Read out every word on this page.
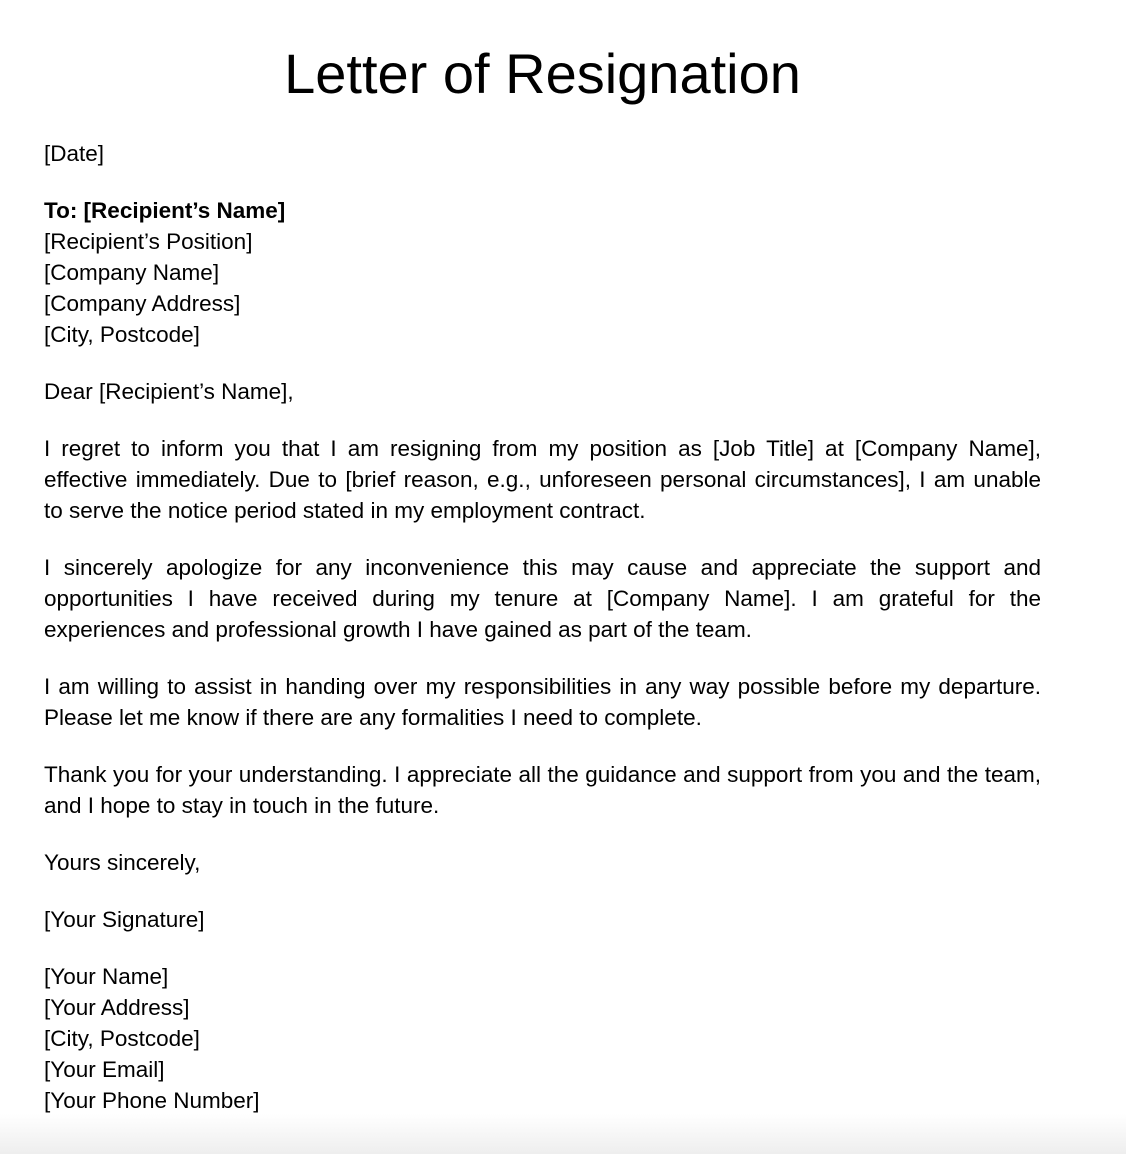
Letter of Resignation
[Date]
To: [Recipient’s Name]
[Recipient’s Position]
[Company Name]
[Company Address]
[City, Postcode]
Dear [Recipient’s Name],
I regret to inform you that I am resigning from my position as [Job Title] at [Company Name], effective immediately. Due to [brief reason, e.g., unforeseen personal circumstances], I am unable to serve the notice period stated in my employment contract.
I sincerely apologize for any inconvenience this may cause and appreciate the support and opportunities I have received during my tenure at [Company Name]. I am grateful for the experiences and professional growth I have gained as part of the team.
I am willing to assist in handing over my responsibilities in any way possible before my departure. Please let me know if there are any formalities I need to complete.
Thank you for your understanding. I appreciate all the guidance and support from you and the team, and I hope to stay in touch in the future.
Yours sincerely,
[Your Signature]
[Your Name]
[Your Address]
[City, Postcode]
[Your Email]
[Your Phone Number]
